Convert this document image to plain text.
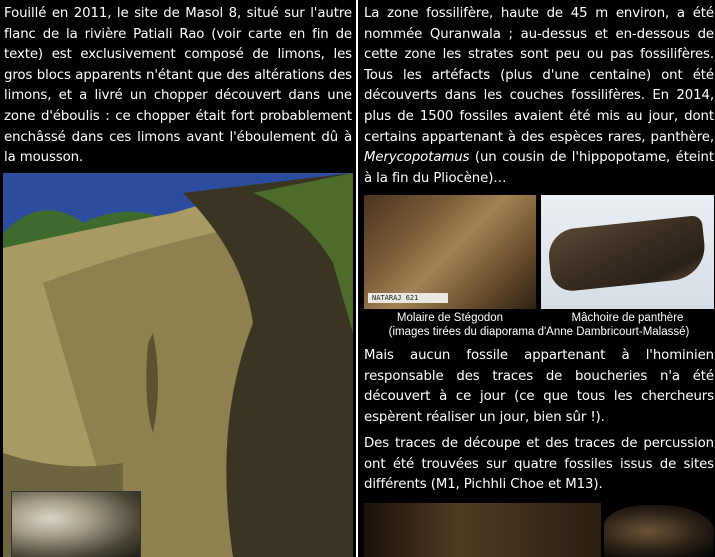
Fouillé en 2011, le site de Masol 8, situé sur l'autre flanc de la rivière Patiali Rao (voir carte en fin de texte) est exclusivement composé de limons, les gros blocs apparents n'étant que des altérations des limons, et a livré un chopper découvert dans une zone d'éboulis : ce chopper était fort probablement enchâssé dans ces limons avant l'éboulement dû à la mousson.

La zone fossilifère, haute de 45 m environ, a été nommée Quranwala ; au-dessus et en-dessous de cette zone les strates sont peu ou pas fossilifères. Tous les artéfacts (plus d'une centaine) ont été découverts dans les couches fossilifères. En 2014, plus de 1500 fossiles avaient été mis au jour, dont certains appartenant à des espèces rares, panthère, Merycopotamus (un cousin de l'hippopotame, éteint à la fin du Pliocène)…

NATARAJ 621
Molaire de Stégodon	Mâchoire de panthère
(images tirées du diaporama d'Anne Dambricourt-Malassé)

Mais aucun fossile appartenant à l'hominien responsable des traces de boucheries n'a été découvert à ce jour (ce que tous les chercheurs espèrent réaliser un jour, bien sûr !).

Des traces de découpe et des traces de percussion ont été trouvées sur quatre fossiles issus de sites différents (M1, Pichhli Choe et M13).
